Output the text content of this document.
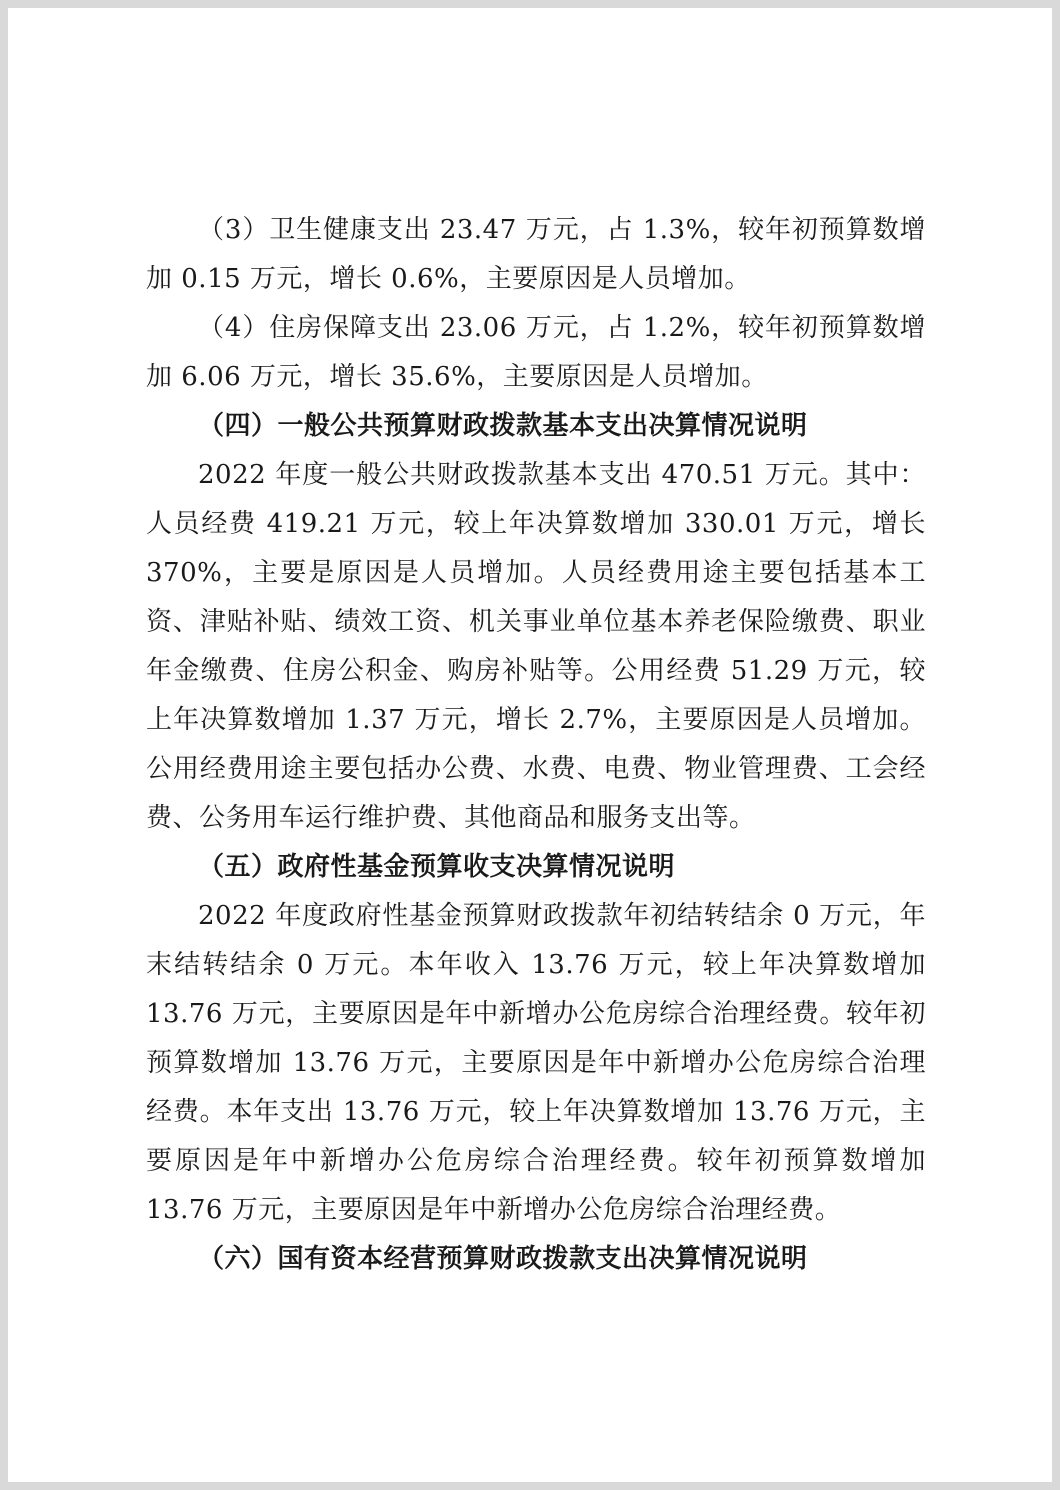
（3）卫生健康支出 23.47 万元，占 1.3%，较年初预算数增加 0.15 万元，增长 0.6%，主要原因是人员增加。

（4）住房保障支出 23.06 万元，占 1.2%，较年初预算数增加 6.06 万元，增长 35.6%，主要原因是人员增加。

（四）一般公共预算财政拨款基本支出决算情况说明

2022 年度一般公共财政拨款基本支出 470.51 万元。其中：人员经费 419.21 万元，较上年决算数增加 330.01 万元，增长370%，主要是原因是人员增加。人员经费用途主要包括基本工资、津贴补贴、绩效工资、机关事业单位基本养老保险缴费、职业年金缴费、住房公积金、购房补贴等。公用经费 51.29 万元，较上年决算数增加 1.37 万元，增长 2.7%，主要原因是人员增加。公用经费用途主要包括办公费、水费、电费、物业管理费、工会经费、公务用车运行维护费、其他商品和服务支出等。

（五）政府性基金预算收支决算情况说明

2022 年度政府性基金预算财政拨款年初结转结余 0 万元，年末结转结余 0 万元。本年收入 13.76 万元，较上年决算数增加13.76 万元，主要原因是年中新增办公危房综合治理经费。较年初预算数增加 13.76 万元，主要原因是年中新增办公危房综合治理经费。本年支出 13.76 万元，较上年决算数增加 13.76 万元，主要原因是年中新增办公危房综合治理经费。较年初预算数增加13.76 万元，主要原因是年中新增办公危房综合治理经费。

（六）国有资本经营预算财政拨款支出决算情况说明
